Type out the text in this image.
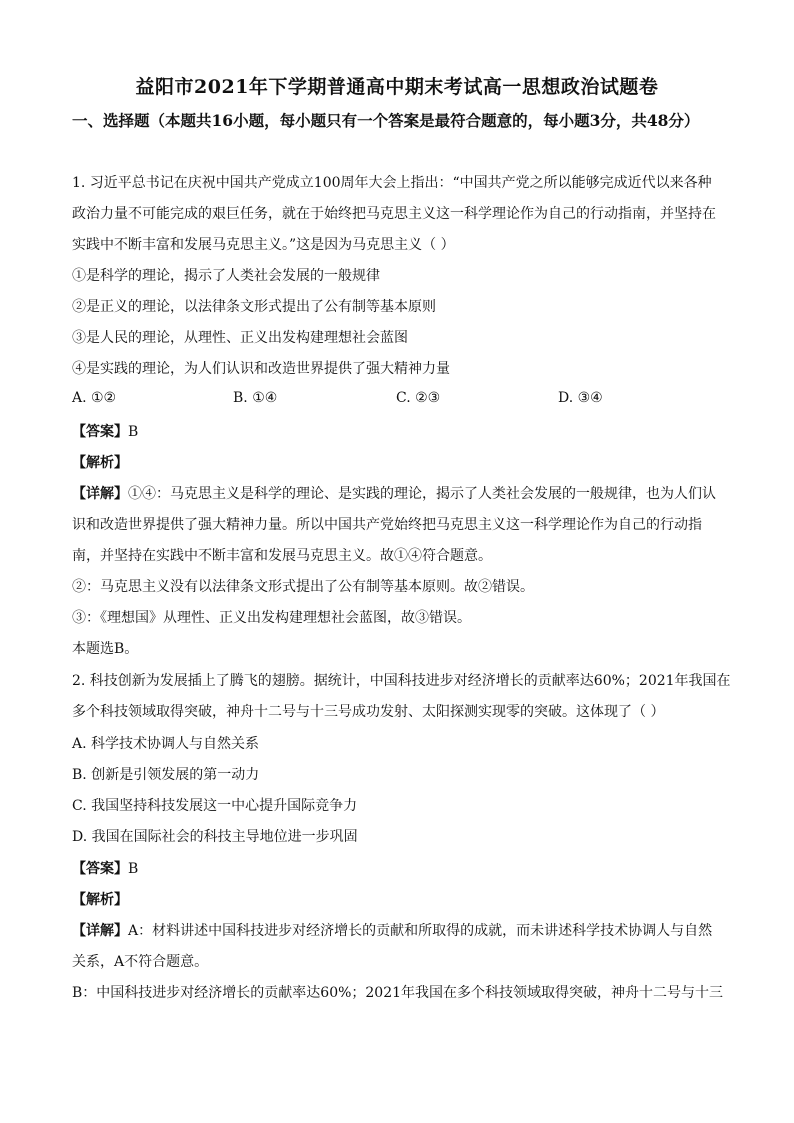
益阳市2021年下学期普通高中期末考试高一思想政治试题卷
一、选择题（本题共16小题，每小题只有一个答案是最符合题意的，每小题3分，共48分）
1. 习近平总书记在庆祝中国共产党成立100周年大会上指出：“中国共产党之所以能够完成近代以来各种
政治力量不可能完成的艰巨任务，就在于始终把马克思主义这一科学理论作为自己的行动指南，并坚持在
实践中不断丰富和发展马克思主义。”这是因为马克思主义（ ）
①是科学的理论，揭示了人类社会发展的一般规律
②是正义的理论，以法律条文形式提出了公有制等基本原则
③是人民的理论，从理性、正义出发构建理想社会蓝图
④是实践的理论，为人们认识和改造世界提供了强大精神力量
A. ①②	B. ①④	C. ②③	D. ③④
【答案】B
【解析】
【详解】①④：马克思主义是科学的理论、是实践的理论，揭示了人类社会发展的一般规律，也为人们认
识和改造世界提供了强大精神力量。所以中国共产党始终把马克思主义这一科学理论作为自己的行动指
南，并坚持在实践中不断丰富和发展马克思主义。故①④符合题意。
②：马克思主义没有以法律条文形式提出了公有制等基本原则。故②错误。
③：《理想国》从理性、正义出发构建理想社会蓝图，故③错误。
本题选B。
2. 科技创新为发展插上了腾飞的翅膀。据统计，中国科技进步对经济增长的贡献率达60%；2021年我国在
多个科技领域取得突破，神舟十二号与十三号成功发射、太阳探测实现零的突破。这体现了（ ）
A. 科学技术协调人与自然关系
B. 创新是引领发展的第一动力
C. 我国坚持科技发展这一中心提升国际竞争力
D. 我国在国际社会的科技主导地位进一步巩固
【答案】B
【解析】
【详解】A：材料讲述中国科技进步对经济增长的贡献和所取得的成就，而未讲述科学技术协调人与自然
关系，A不符合题意。
B：中国科技进步对经济增长的贡献率达60%；2021年我国在多个科技领域取得突破，神舟十二号与十三
